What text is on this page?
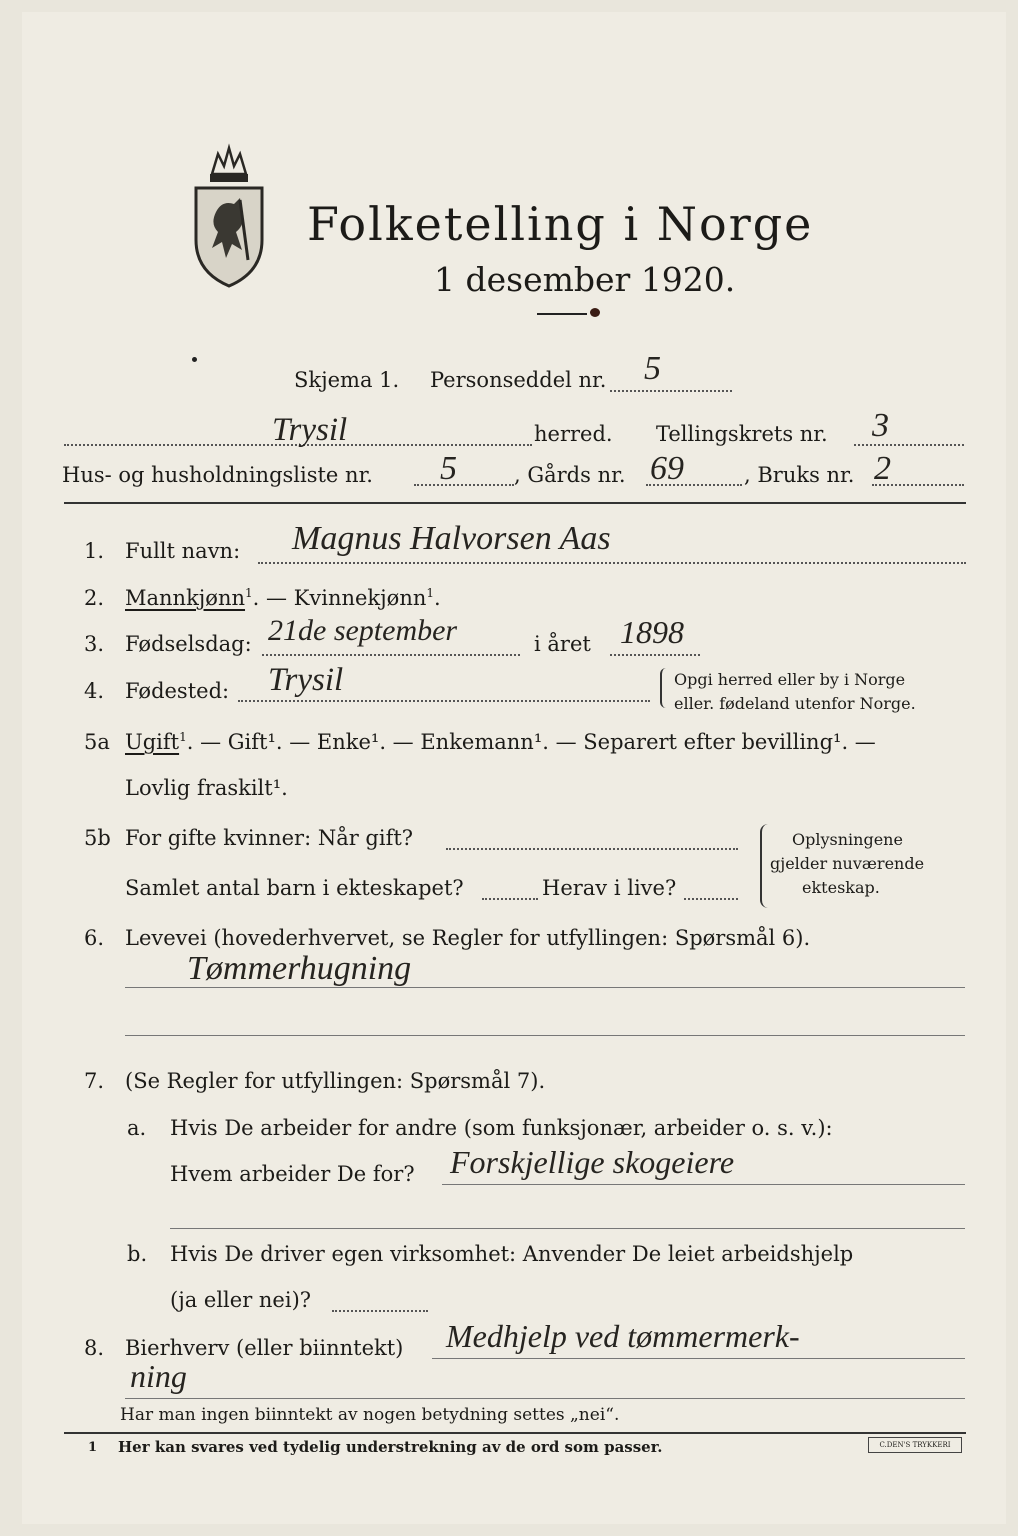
Folketelling i Norge
1 desember 1920.
Skjema 1. Personseddel nr. 5
Trysil	herred. Tellingskrets nr. 3
Hus- og husholdningsliste nr. 5	, Gårds nr. 69	, Bruks nr. 2
1. Fullt navn: Magnus Halvorsen Aas
2. Mannkjønn$^1$. — Kvinnekjønn$^1$.
3. Fødselsdag: 21de september	i året 1898
4. Fødested: Trysil	Opgi herred eller by i Norge
eller. fødeland utenfor Norge.
5a Ugift$^1$. — Gift¹. — Enke¹. — Enkemann¹. — Separert efter bevilling¹. —
Lovlig fraskilt¹.
5b For gifte kvinner: Når gift?
Samlet antal barn i ekteskapet?	Herav i live?
Oplysningene
gjelder nuværende
ekteskap.
6. Levevei (hovederhvervet, se Regler for utfyllingen: Spørsmål 6).
Tømmerhugning
7. (Se Regler for utfyllingen: Spørsmål 7).
a. Hvis De arbeider for andre (som funksjonær, arbeider o. s. v.):
Hvem arbeider De for? Forskjellige skogeiere
b. Hvis De driver egen virksomhet: Anvender De leiet arbeidshjelp
(ja eller nei)?
8. Bierhverv (eller biinntekt) Medhjelp ved tømmermerk-
ning
Har man ingen biinntekt av nogen betydning settes „nei“.
1 Her kan svares ved tydelig understrekning av de ord som passer.	C.DEN'S TRYKKERI
